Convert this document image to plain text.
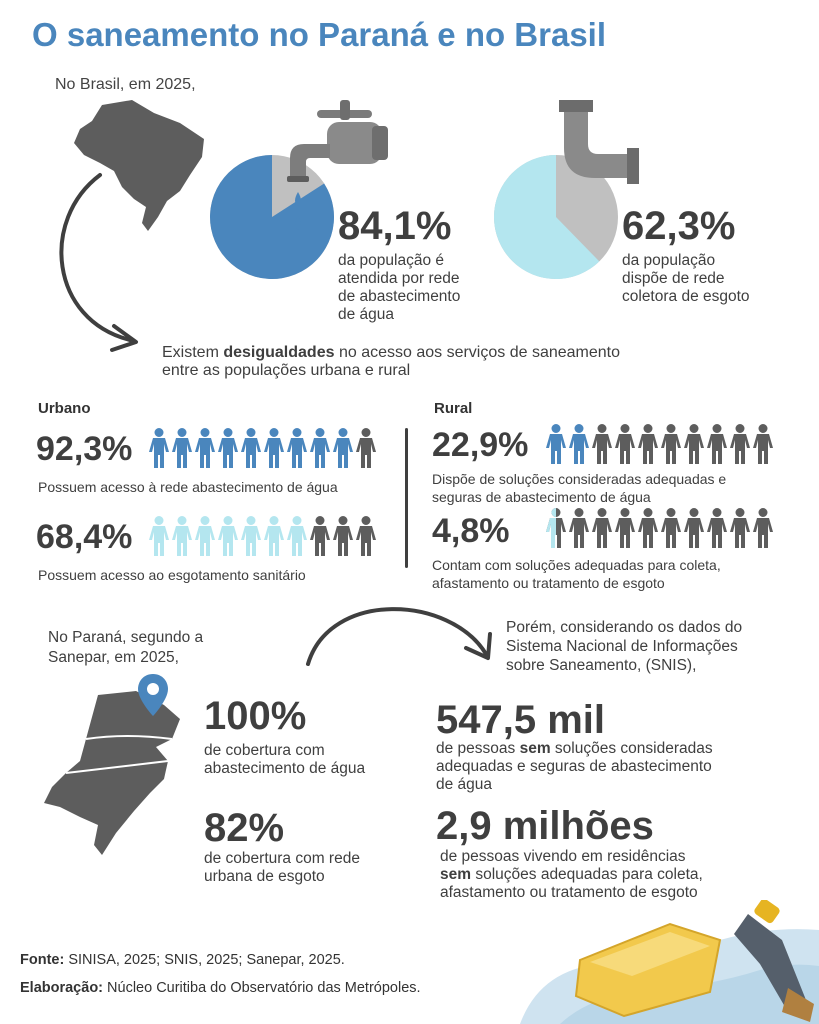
O saneamento no Paraná e no Brasil
No Brasil, em 2025,
84,1%
da população é
atendida por rede
de abastecimento
de água
62,3%
da população
dispõe de rede
coletora de esgoto
Existem desigualdades no acesso aos serviços de saneamento
entre as populações urbana e rural
Urbano
92,3%
Possuem acesso à rede abastecimento de água
68,4%
Possuem acesso ao esgotamento sanitário
Rural
22,9%
Dispõe de soluções consideradas adequadas e
seguras de abastecimento de água
4,8%
Contam com soluções adequadas para coleta,
afastamento ou tratamento de esgoto
No Paraná, segundo a
Sanepar, em 2025,
Porém, considerando os dados do
Sistema Nacional de Informações
sobre Saneamento, (SNIS),
100%
de cobertura com
abastecimento de água
82%
de cobertura com rede
urbana de esgoto
547,5 mil
de pessoas sem soluções consideradas
adequadas e seguras de abastecimento
de água
2,9 milhões
de pessoas vivendo em residências
sem soluções adequadas para coleta,
afastamento ou tratamento de esgoto
Fonte: SINISA, 2025; SNIS, 2025; Sanepar, 2025.
Elaboração: Núcleo Curitiba do Observatório das Metrópoles.
